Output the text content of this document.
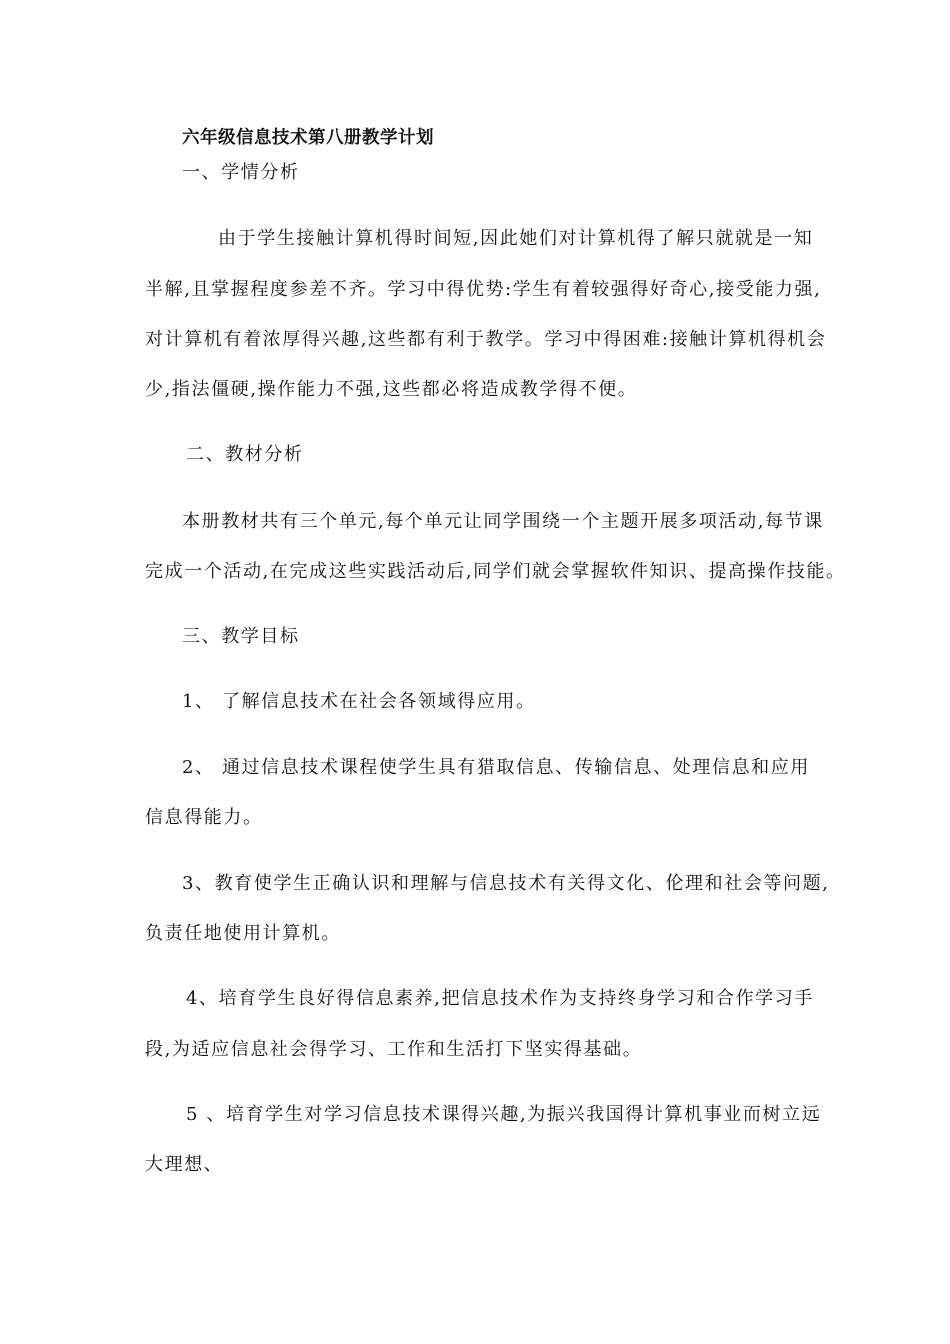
六年级信息技术第八册教学计划
一、学情分析
由于学生接触计算机得时间短,因此她们对计算机得了解只就就是一知
半解,且掌握程度参差不齐。学习中得优势:学生有着较强得好奇心,接受能力强,
对计算机有着浓厚得兴趣,这些都有利于教学。学习中得困难:接触计算机得机会
少,指法僵硬,操作能力不强,这些都必将造成教学得不便。
二、教材分析
本册教材共有三个单元,每个单元让同学围绕一个主题开展多项活动,每节课
完成一个活动,在完成这些实践活动后,同学们就会掌握软件知识、提高操作技能。
三、教学目标
1、 了解信息技术在社会各领域得应用。
2、 通过信息技术课程使学生具有猎取信息、传输信息、处理信息和应用
信息得能力。
3、教育使学生正确认识和理解与信息技术有关得文化、伦理和社会等问题,
负责任地使用计算机。
4、培育学生良好得信息素养,把信息技术作为支持终身学习和合作学习手
段,为适应信息社会得学习、工作和生活打下坚实得基础。
5 、培育学生对学习信息技术课得兴趣,为振兴我国得计算机事业而树立远
大理想、
